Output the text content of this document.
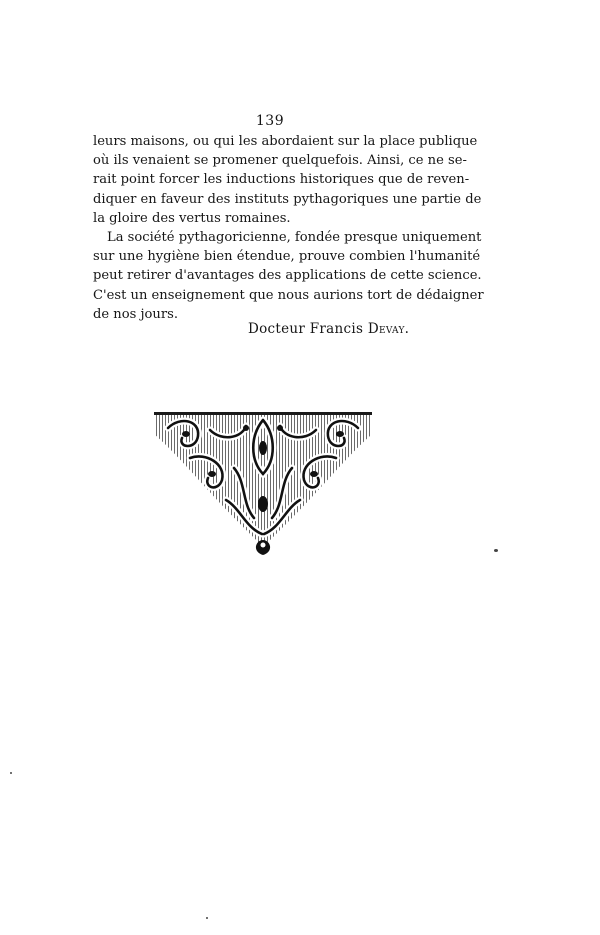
139
leurs maisons, ou qui les abordaient sur la place publique
où ils venaient se promener quelquefois. Ainsi, ce ne se-
rait point forcer les inductions historiques que de reven-
diquer en faveur des instituts pythagoriques une partie de
la gloire des vertus romaines.
La société pythagoricienne, fondée presque uniquement
sur une hygiène bien étendue, prouve combien l'humanité
peut retirer d'avantages des applications de cette science.
C'est un enseignement que nous aurions tort de dédaigner
de nos jours.
Docteur Francis Devay.
